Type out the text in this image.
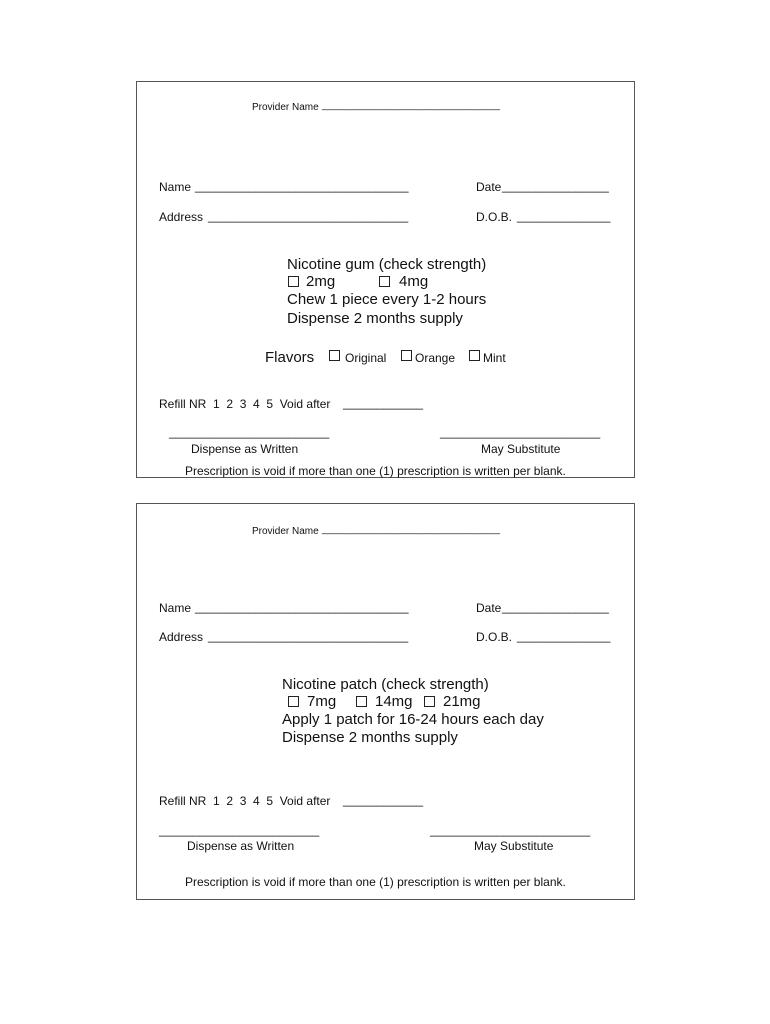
Provider Name ________________________________
Name ________________________________	Date ________________
Address ______________________________	D.O.B. ______________
Nicotine gum (check strength)
2mg	4mg
Chew 1 piece every 1-2 hours
Dispense 2 months supply
Flavors	Original Orange Mint
Refill NR  1  2  3  4  5  Void after ____________
________________________	________________________
Dispense as Written	May Substitute
Prescription is void if more than one (1) prescription is written per blank.
Provider Name ________________________________
Name ________________________________	Date ________________
Address ______________________________	D.O.B. ______________
Nicotine patch (check strength)
7mg	14mg 21mg
Apply 1 patch for 16-24 hours each day
Dispense 2 months supply
Refill NR  1  2  3  4  5  Void after ____________
________________________	________________________
Dispense as Written	May Substitute
Prescription is void if more than one (1) prescription is written per blank.
